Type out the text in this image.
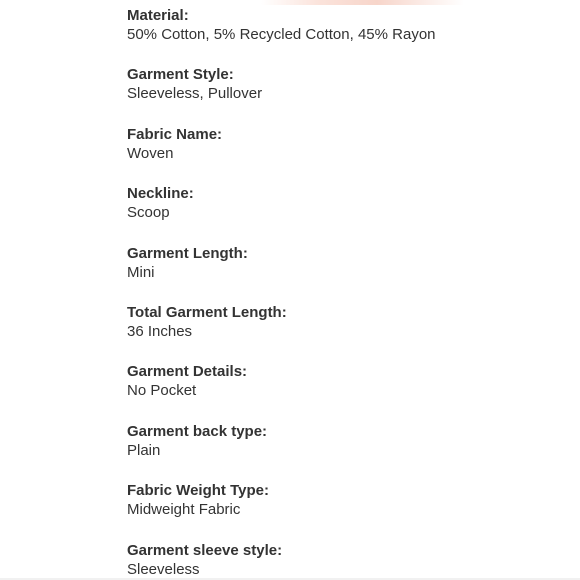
Material:
50% Cotton, 5% Recycled Cotton, 45% Rayon
Garment Style:
Sleeveless, Pullover
Fabric Name:
Woven
Neckline:
Scoop
Garment Length:
Mini
Total Garment Length:
36 Inches
Garment Details:
No Pocket
Garment back type:
Plain
Fabric Weight Type:
Midweight Fabric
Garment sleeve style:
Sleeveless
